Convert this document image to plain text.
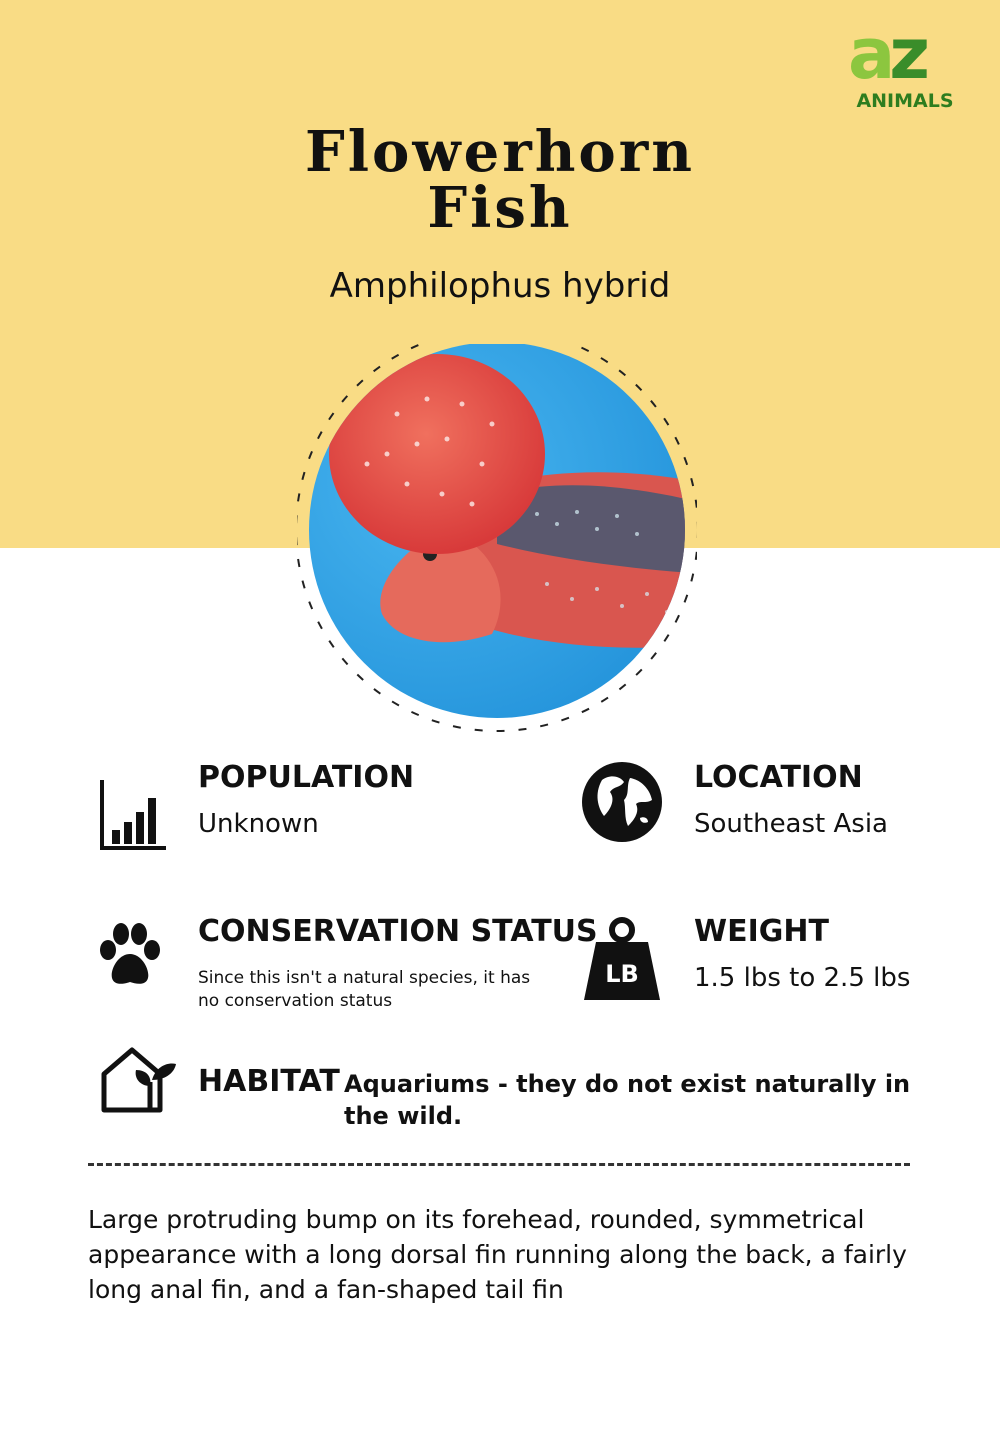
az
ANIMALS
Flowerhorn
Fish
Amphilophus hybrid
POPULATION
Unknown
LOCATION
Southeast Asia
CONSERVATION STATUS
Since this isn't a natural species, it has no conservation status
LB
WEIGHT
1.5 lbs to 2.5 lbs
HABITAT Aquariums - they do not exist naturally in the wild.
Large protruding bump on its forehead, rounded, symmetrical appearance with a long dorsal fin running along the back, a fairly long anal fin, and a fan-shaped tail fin
